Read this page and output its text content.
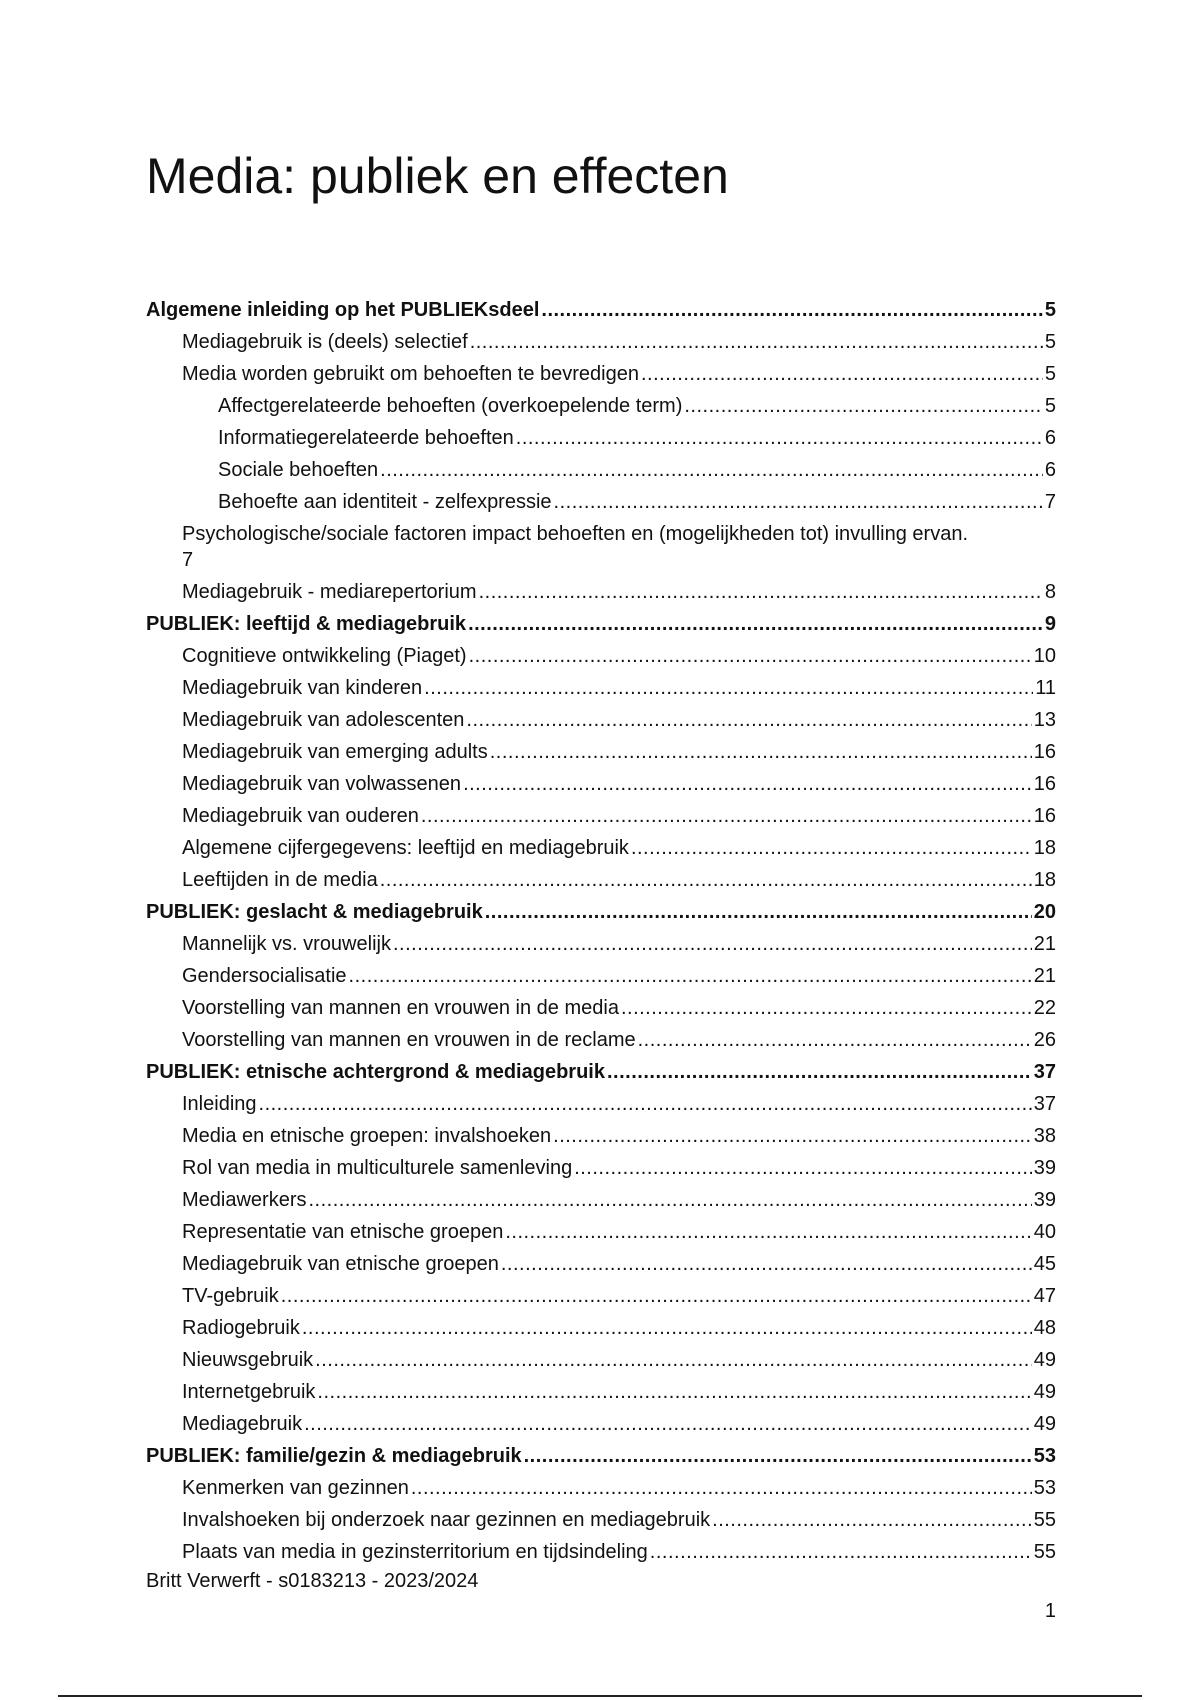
Media: publiek en effecten
Algemene inleiding op het PUBLIEKsdeel .....	5
Mediagebruik is (deels) selectief .....	5
Media worden gebruikt om behoeften te bevredigen .....	5
Affectgerelateerde behoeften (overkoepelende term) .....	5
Informatiegerelateerde behoeften .....	6
Sociale behoeften .....	6
Behoefte aan identiteit - zelfexpressie .....	7
Psychologische/sociale factoren impact behoeften en (mogelijkheden tot) invulling ervan.
7
Mediagebruik - mediarepertorium .....	8
PUBLIEK: leeftijd & mediagebruik .....	9
Cognitieve ontwikkeling (Piaget) .....	10
Mediagebruik van kinderen .....	11
Mediagebruik van adolescenten .....	13
Mediagebruik van emerging adults .....	16
Mediagebruik van volwassenen .....	16
Mediagebruik van ouderen .....	16
Algemene cijfergegevens: leeftijd en mediagebruik .....	18
Leeftijden in de media .....	18
PUBLIEK: geslacht & mediagebruik .....	20
Mannelijk vs. vrouwelijk .....	21
Gendersocialisatie .....	21
Voorstelling van mannen en vrouwen in de media .....	22
Voorstelling van mannen en vrouwen in de reclame .....	26
PUBLIEK: etnische achtergrond & mediagebruik .....	37
Inleiding .....	37
Media en etnische groepen: invalshoeken .....	38
Rol van media in multiculturele samenleving .....	39
Mediawerkers .....	39
Representatie van etnische groepen .....	40
Mediagebruik van etnische groepen .....	45
TV-gebruik .....	47
Radiogebruik .....	48
Nieuwsgebruik .....	49
Internetgebruik .....	49
Mediagebruik .....	49
PUBLIEK: familie/gezin & mediagebruik .....	53
Kenmerken van gezinnen .....	53
Invalshoeken bij onderzoek naar gezinnen en mediagebruik .....	55
Plaats van media in gezinsterritorium en tijdsindeling .....	55
Britt Verwerft - s0183213 - 2023/2024
1
